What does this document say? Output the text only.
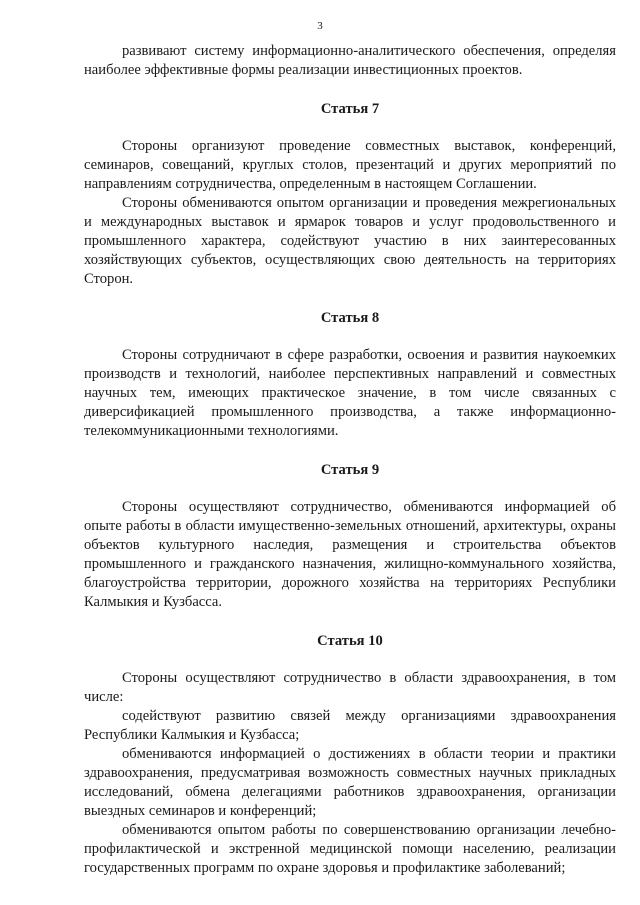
3

развивают систему информационно-аналитического обеспечения, определяя наиболее эффективные формы реализации инвестиционных проектов.

Статья 7

Стороны организуют проведение совместных выставок, конференций, семинаров, совещаний, круглых столов, презентаций и других мероприятий по направлениям сотрудничества, определенным в настоящем Соглашении.

Стороны обмениваются опытом организации и проведения межрегиональных и международных выставок и ярмарок товаров и услуг продовольственного и промышленного характера, содействуют участию в них заинтересованных хозяйствующих субъектов, осуществляющих свою деятельность на территориях Сторон.

Статья 8

Стороны сотрудничают в сфере разработки, освоения и развития наукоемких производств и технологий, наиболее перспективных направлений и совместных научных тем, имеющих практическое значение, в том числе связанных с диверсификацией промышленного производства, а также информационно-телекоммуникационными технологиями.

Статья 9

Стороны осуществляют сотрудничество, обмениваются информацией об опыте работы в области имущественно-земельных отношений, архитектуры, охраны объектов культурного наследия, размещения и строительства объектов промышленного и гражданского назначения, жилищно-коммунального хозяйства, благоустройства территории, дорожного хозяйства на территориях Республики Калмыкия и Кузбасса.

Статья 10

Стороны осуществляют сотрудничество в области здравоохранения, в том числе:

содействуют развитию связей между организациями здравоохранения Республики Калмыкия и Кузбасса;

обмениваются информацией о достижениях в области теории и практики здравоохранения, предусматривая возможность совместных научных прикладных исследований, обмена делегациями работников здравоохранения, организации выездных семинаров и конференций;

обмениваются опытом работы по совершенствованию организации лечебно-профилактической и экстренной медицинской помощи населению, реализации государственных программ по охране здоровья и профилактике заболеваний;
